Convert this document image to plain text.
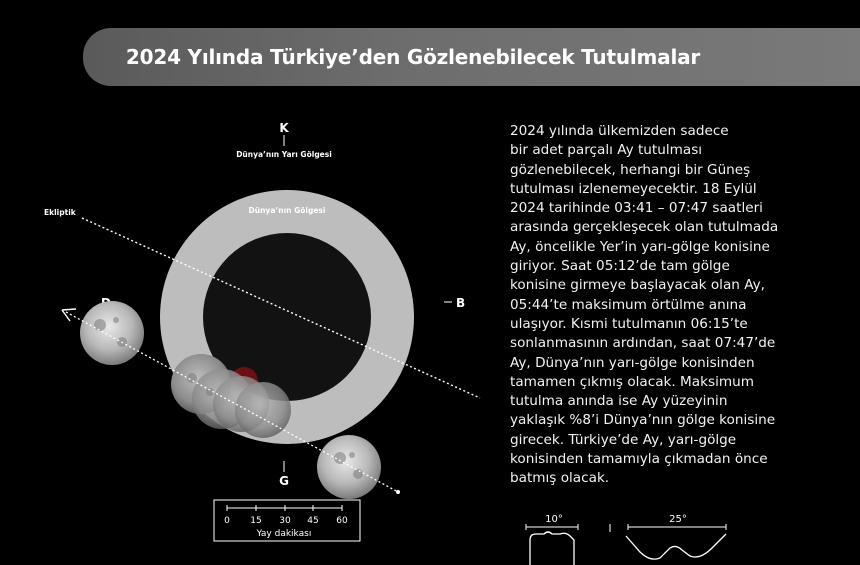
2024 Yılında Türkiye’den Gözlenebilecek Tutulmalar
K
G
B
Dünya’nın Yarı Gölgesi
Dünya’nın Gölgesi
Ekliptik
0 15 30 45 60
Yay dakikası
10°	25°
2024 yılında ülkemizden sadece
bir adet parçalı Ay tutulması
gözlenebilecek, herhangi bir Güneş
tutulması izlenemeyecektir. 18 Eylül
2024 tarihinde 03:41 – 07:47 saatleri
arasında gerçekleşecek olan tutulmada
Ay, öncelikle Yer’in yarı-gölge konisine
giriyor. Saat 05:12’de tam gölge
konisine girmeye başlayacak olan Ay,
05:44’te maksimum örtülme anına
ulaşıyor. Kısmi tutulmanın 06:15’te
sonlanmasının ardından, saat 07:47’de
Ay, Dünya’nın yarı-gölge konisinden
tamamen çıkmış olacak. Maksimum
tutulma anında ise Ay yüzeyinin
yaklaşık %8’i Dünya’nın gölge konisine
girecek. Türkiye’de Ay, yarı-gölge
konisinden tamamıyla çıkmadan önce
batmış olacak.
